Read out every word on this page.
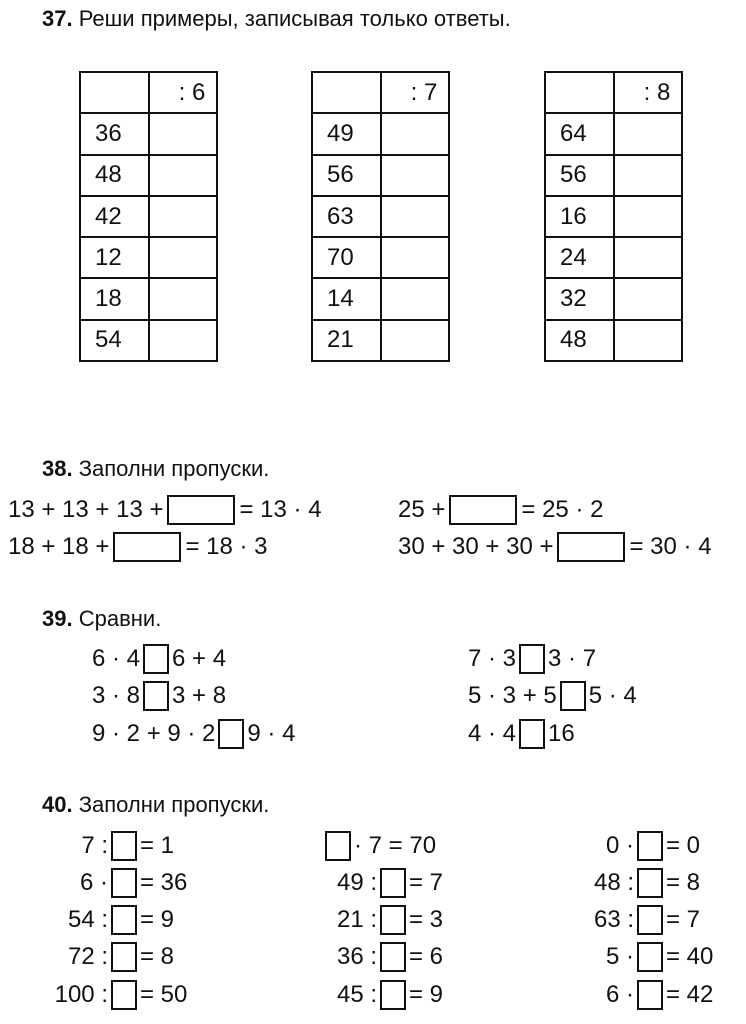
37. Реши примеры, записывая только ответы.
	: 6
36	
48	
42	
12	
18	
54	
	: 7
49	
56	
63	
70	
14	
21	
	: 8
64	
56	
16	
24	
32	
48	
38. Заполни пропуски.
13 + 13 + 13 +	= 13 · 4
18 + 18 +	= 18 · 3
25 +	= 25 · 2
30 + 30 + 30 +	= 30 · 4
39. Сравни.
6 · 4 6 + 4
3 · 8 3 + 8
9 · 2 + 9 · 2 9 · 4
7 · 3 3 · 7
5 · 3 + 5 5 · 4
4 · 4 16
40. Заполни пропуски.
7 : = 1
6 · = 36
54 : = 9
72 : = 8
100 : = 50
· 7 = 70
49 : = 7
21 : = 3
36 : = 6
45 : = 9
0 · = 0
48 : = 8
63 : = 7
5 · = 40
6 · = 42
